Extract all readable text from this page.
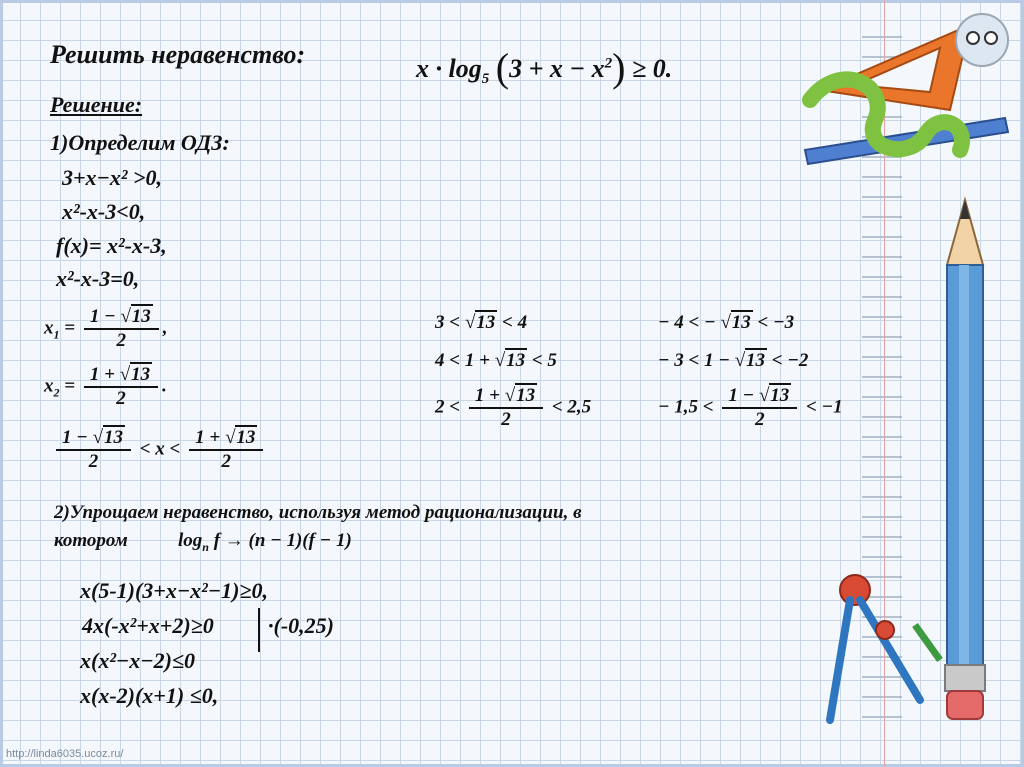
Решить неравенство:	$x \cdot \log_5 (3 + x - x^2) \ge 0$.
Решение:
1)Определим ОДЗ:
3+x−x² >0,
x²-x-3<0,
f(x)= x²-x-3,
x²-x-3=0,
$x_1 = \frac{1 - √13}{2}$ ,
$x_2 = \frac{1 + √13}{2}$ .
$\frac{1 - √13}{2} < x < \frac{1 + √13}{2}$
3 < √13 < 4
4 < 1 + √13 < 5
$2 < \frac{1 + √13}{2} < 2,5$
− 4 < − √13 < −3
− 3 < 1 − √13 < −2
− $1,5 < \frac{1 - √13}{2} < -1$
2)Упрощаем неравенство, используя метод рационализации, в
котором	$\log_n f \to (n - 1)(f - 1)$
x(5-1)(3+x−x²−1)≥0,
4x(-x²+x+2)≥0 ·(-0,25)
x(x²−x−2)≤0
x(x-2)(x+1) ≤0,
http://linda6035.ucoz.ru/
